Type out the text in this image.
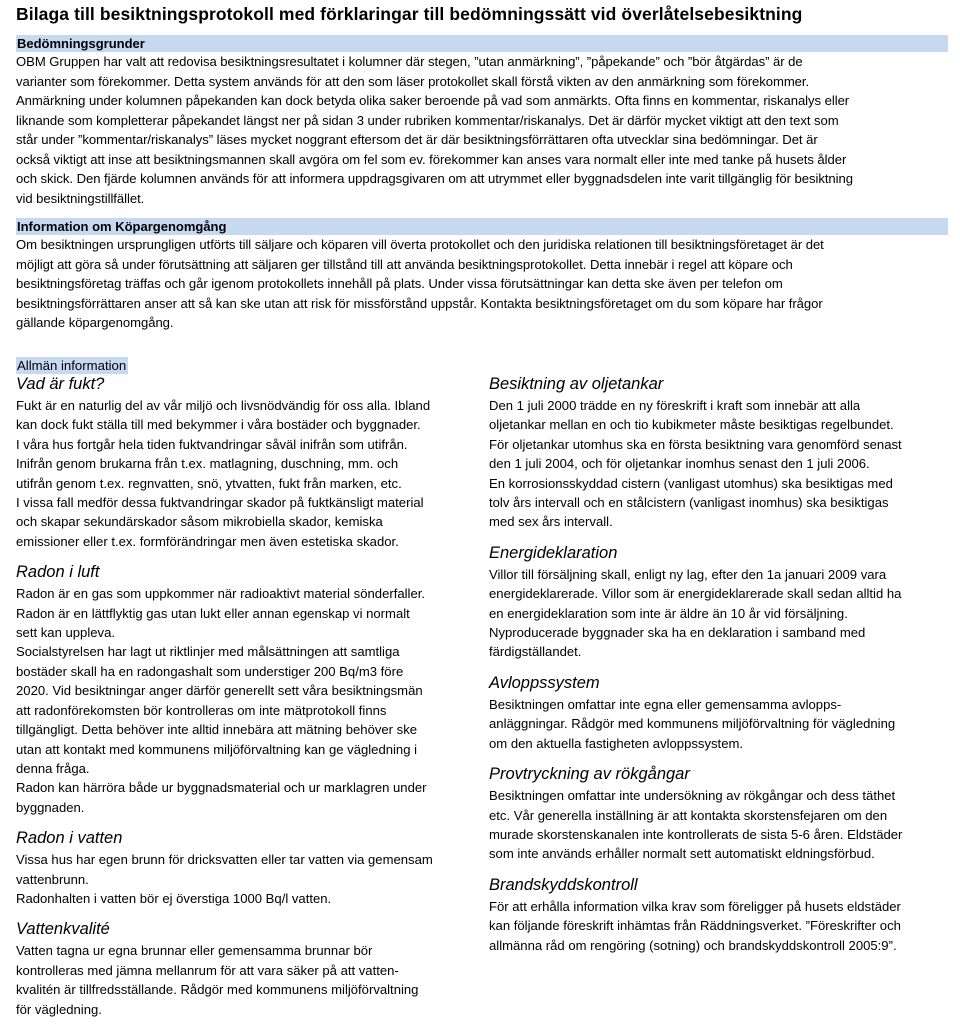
Bilaga till besiktningsprotokoll med förklaringar till bedömningssätt vid överlåtelsebesiktning
Bedömningsgrunder
OBM Gruppen har valt att redovisa besiktningsresultatet i kolumner där stegen, ”utan anmärkning”, ”påpekande” och ”bör åtgärdas” är de
varianter som förekommer. Detta system används för att den som läser protokollet skall förstå vikten av den anmärkning som förekommer.
Anmärkning under kolumnen påpekanden kan dock betyda olika saker beroende på vad som anmärkts. Ofta finns en kommentar, riskanalys eller
liknande som kompletterar påpekandet längst ner på sidan 3 under rubriken kommentar/riskanalys. Det är därför mycket viktigt att den text som
står under ”kommentar/riskanalys” läses mycket noggrant eftersom det är där besiktningsförrättaren ofta utvecklar sina bedömningar. Det är
också viktigt att inse att besiktningsmannen skall avgöra om fel som ev. förekommer kan anses vara normalt eller inte med tanke på husets ålder
och skick. Den fjärde kolumnen används för att informera uppdragsgivaren om att utrymmet eller byggnadsdelen inte varit tillgänglig för besiktning
vid besiktningstillfället.
Information om Köpargenomgång
Om besiktningen ursprungligen utförts till säljare och köparen vill överta protokollet och den juridiska relationen till besiktningsföretaget är det
möjligt att göra så under förutsättning att säljaren ger tillstånd till att använda besiktningsprotokollet. Detta innebär i regel att köpare och
besiktningsföretag träffas och går igenom protokollets innehåll på plats. Under vissa förutsättningar kan detta ske även per telefon om
besiktningsförrättaren anser att så kan ske utan att risk för missförstånd uppstår. Kontakta besiktningsföretaget om du som köpare har frågor
gällande köpargenomgång.
Allmän information
Vad är fukt?
Fukt är en naturlig del av vår miljö och livsnödvändig för oss alla. Ibland
kan dock fukt ställa till med bekymmer i våra bostäder och byggnader.
I våra hus fortgår hela tiden fuktvandringar såväl inifrån som utifrån.
Inifrån genom brukarna från t.ex. matlagning, duschning, mm. och
utifrån genom t.ex. regnvatten, snö, ytvatten, fukt från marken, etc.
I vissa fall medför dessa fuktvandringar skador på fuktkänsligt material
och skapar sekundärskador såsom mikrobiella skador, kemiska
emissioner eller t.ex. formförändringar men även estetiska skador.
Radon i luft
Radon är en gas som uppkommer när radioaktivt material sönderfaller.
Radon är en lättflyktig gas utan lukt eller annan egenskap vi normalt
sett kan uppleva.
Socialstyrelsen har lagt ut riktlinjer med målsättningen att samtliga
bostäder skall ha en radongashalt som understiger 200 Bq/m3 före
2020. Vid besiktningar anger därför generellt sett våra besiktningsmän
att radonförekomsten bör kontrolleras om inte mätprotokoll finns
tillgängligt. Detta behöver inte alltid innebära att mätning behöver ske
utan att kontakt med kommunens miljöförvaltning kan ge vägledning i
denna fråga.
Radon kan härröra både ur byggnadsmaterial och ur marklagren under
byggnaden.
Radon i vatten
Vissa hus har egen brunn för dricksvatten eller tar vatten via gemensam
vattenbrunn.
Radonhalten i vatten bör ej överstiga 1000 Bq/l vatten.
Vattenkvalité
Vatten tagna ur egna brunnar eller gemensamma brunnar bör
kontrolleras med jämna mellanrum för att vara säker på att vatten-
kvalitén är tillfredsställande. Rådgör med kommunens miljöförvaltning
för vägledning.
Besiktning av oljetankar
Den 1 juli 2000 trädde en ny föreskrift i kraft som innebär att alla
oljetankar mellan en och tio kubikmeter måste besiktigas regelbundet.
För oljetankar utomhus ska en första besiktning vara genomförd senast
den 1 juli 2004, och för oljetankar inomhus senast den 1 juli 2006.
En korrosionsskyddad cistern (vanligast utomhus) ska besiktigas med
tolv års intervall och en stålcistern (vanligast inomhus) ska besiktigas
med sex års intervall.
Energideklaration
Villor till försäljning skall, enligt ny lag, efter den 1a januari 2009 vara
energideklarerade. Villor som är energideklarerade skall sedan alltid ha
en energideklaration som inte är äldre än 10 år vid försäljning.
Nyproducerade byggnader ska ha en deklaration i samband med
färdigställandet.
Avloppssystem
Besiktningen omfattar inte egna eller gemensamma avlopps-
anläggningar. Rådgör med kommunens miljöförvaltning för vägledning
om den aktuella fastigheten avloppssystem.
Provtryckning av rökgångar
Besiktningen omfattar inte undersökning av rökgångar och dess täthet
etc. Vår generella inställning är att kontakta skorstensfejaren om den
murade skorstenskanalen inte kontrollerats de sista 5-6 åren. Eldstäder
som inte används erhåller normalt sett automatiskt eldningsförbud.
Brandskyddskontroll
För att erhålla information vilka krav som föreligger på husets eldstäder
kan följande föreskrift inhämtas från Räddningsverket. ”Föreskrifter och
allmänna råd om rengöring (sotning) och brandskyddskontroll 2005:9”.
